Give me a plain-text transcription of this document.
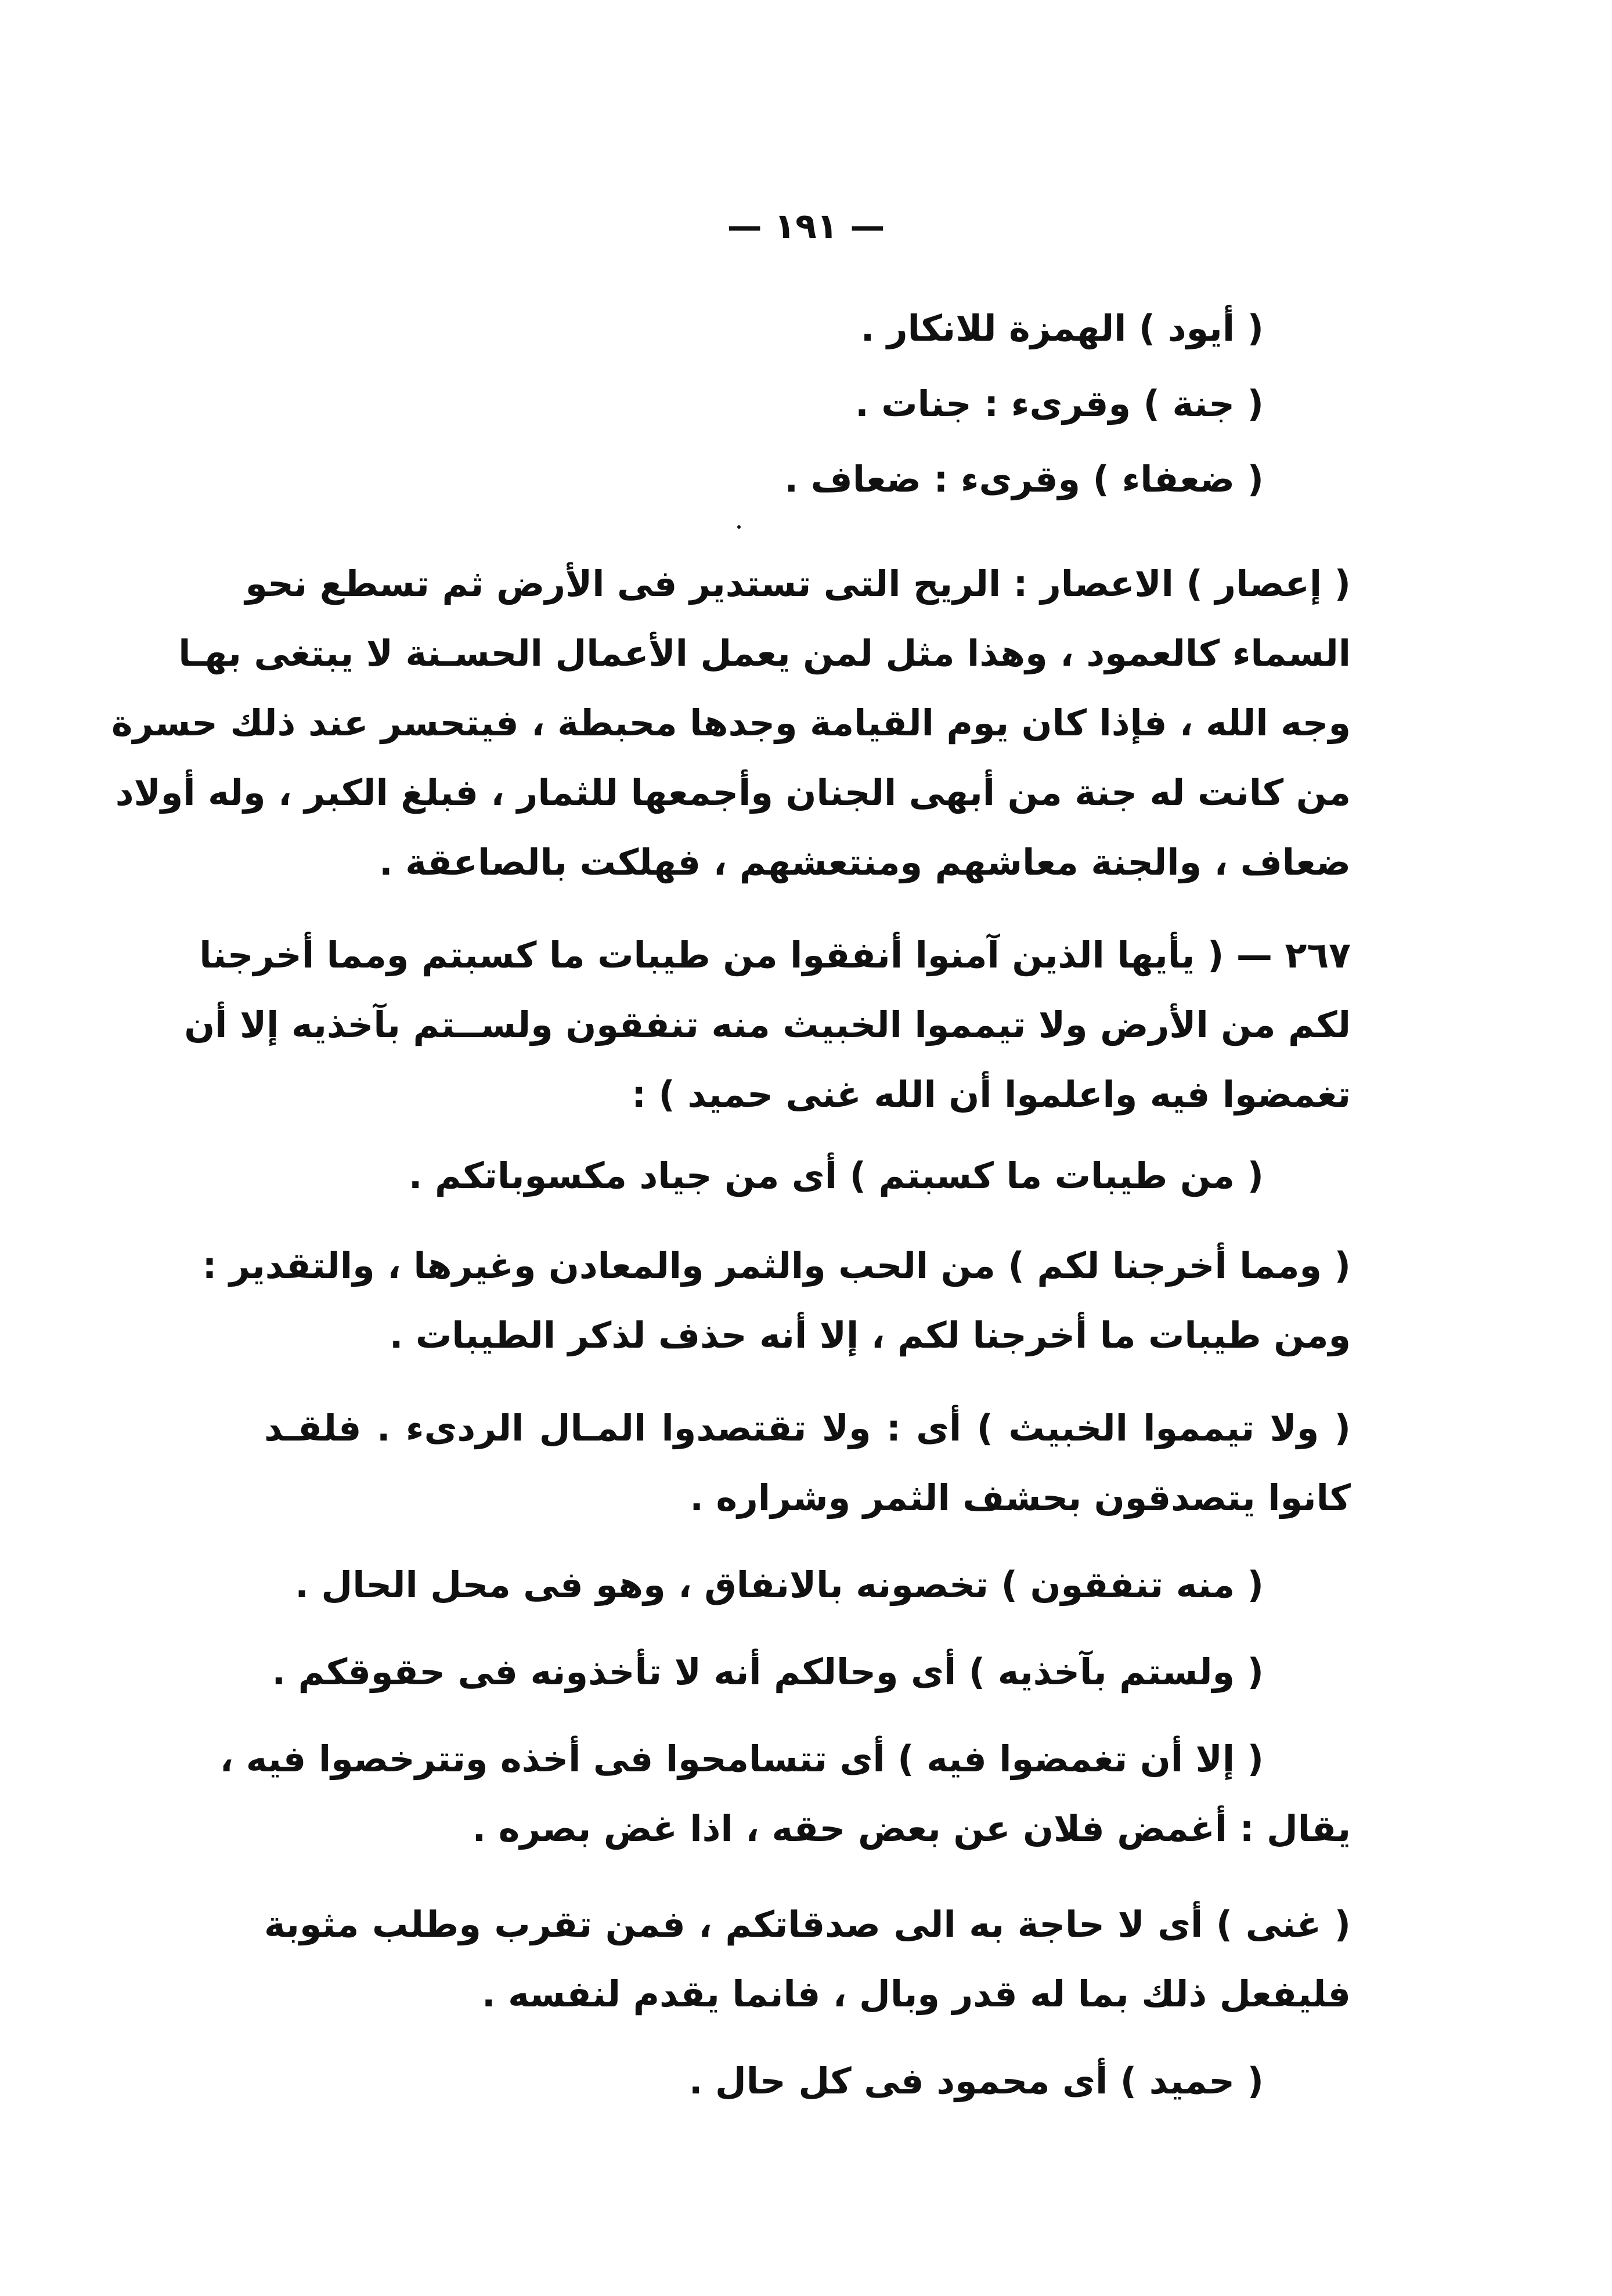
— ١٩١ —
( أيود ) الهمزة للانكار .
( جنة ) وقرىء : جنات .
( ضعفاء ) وقرىء : ضعاف .
( إعصار ) الاعصار : الريح التى تستدير فى الأرض ثم تسطع نحو
السماء كالعمود ، وهذا مثل لمن يعمل الأعمال الحسـنة لا يبتغى بهـا
وجه الله ، فإذا كان يوم القيامة وجدها محبطة ، فيتحسر عند ذلك حسرة
من كانت له جنة من أبهى الجنان وأجمعها للثمار ، فبلغ الكبر ، وله أولاد
ضعاف ، والجنة معاشهم ومنتعشهم ، فهلكت بالصاعقة .
٢٦٧ — ( يأيها الذين آمنوا أنفقوا من طيبات ما كسبتم ومما أخرجنا
لكم من الأرض ولا تيمموا الخبيث منه تنفقون ولســتم بآخذيه إلا أن
تغمضوا فيه واعلموا أن الله غنى حميد ) :
( من طيبات ما كسبتم ) أى من جياد مكسوباتكم .
( ومما أخرجنا لكم ) من الحب والثمر والمعادن وغيرها ، والتقدير :
ومن طيبات ما أخرجنا لكم ، إلا أنه حذف لذكر الطيبات .
( ولا تيمموا الخبيث ) أى : ولا تقتصدوا المـال الردىء . فلقـد
كانوا يتصدقون بحشف الثمر وشراره .
( منه تنفقون ) تخصونه بالانفاق ، وهو فى محل الحال .
( ولستم بآخذيه ) أى وحالكم أنه لا تأخذونه فى حقوقكم .
( إلا أن تغمضوا فيه ) أى تتسامحوا فى أخذه وتترخصوا فيه ،
يقال : أغمض فلان عن بعض حقه ، اذا غض بصره .
( غنى ) أى لا حاجة به الى صدقاتكم ، فمن تقرب وطلب مثوبة
فليفعل ذلك بما له قدر وبال ، فانما يقدم لنفسه .
( حميد ) أى محمود فى كل حال .
